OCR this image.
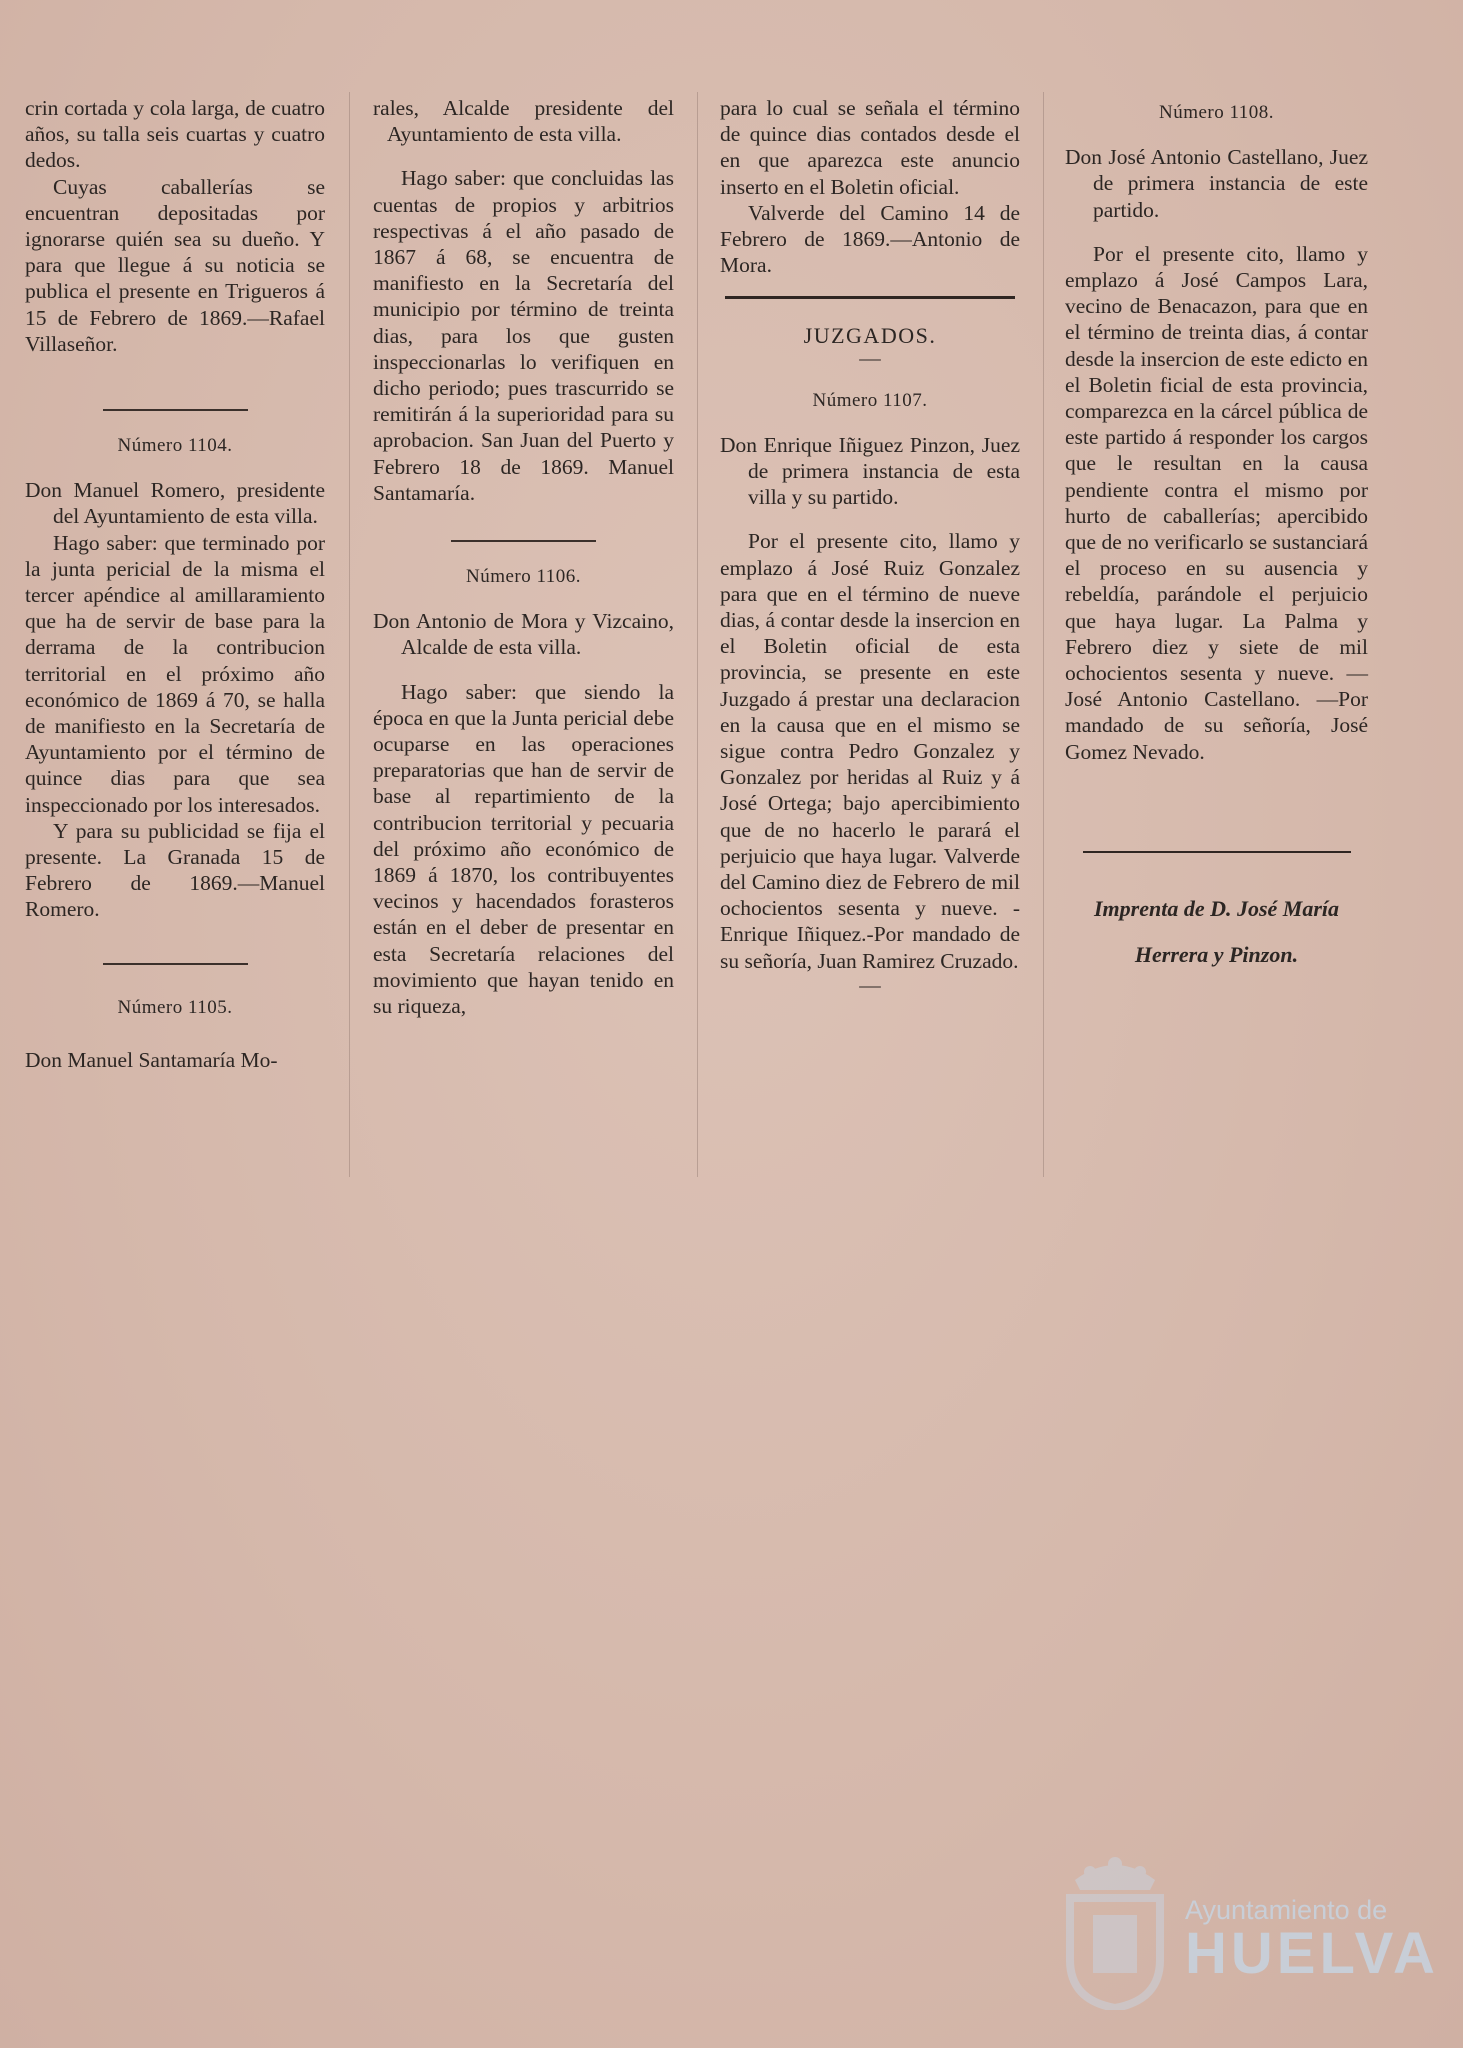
crin cortada y cola larga, de cuatro años, su talla seis cuartas y cuatro dedos.

Cuyas caballerías se encuentran depositadas por ignorarse quién sea su dueño. Y para que llegue á su noticia se publica el presente en Trigueros á 15 de Febrero de 1869.—Rafael Villaseñor.

Número 1104.

Don Manuel Romero, presidente del Ayuntamiento de esta villa.

Hago saber: que terminado por la junta pericial de la misma el tercer apéndice al amillaramiento que ha de servir de base para la derrama de la contribucion territorial en el próximo año económico de 1869 á 70, se halla de manifiesto en la Secretaría de Ayuntamiento por el término de quince dias para que sea inspeccionado por los interesados.

Y para su publicidad se fija el presente. La Granada 15 de Febrero de 1869.—Manuel Romero.

Número 1105.

Don Manuel Santamaría Mo-

rales, Alcalde presidente del Ayuntamiento de esta villa.

Hago saber: que concluidas las cuentas de propios y arbitrios respectivas á el año pasado de 1867 á 68, se encuentra de manifiesto en la Secretaría del municipio por término de treinta dias, para los que gusten inspeccionarlas lo verifiquen en dicho periodo; pues trascurrido se remitirán á la superioridad para su aprobacion. San Juan del Puerto y Febrero 18 de 1869. Manuel Santamaría.

Número 1106.

Don Antonio de Mora y Vizcaino, Alcalde de esta villa.

Hago saber: que siendo la época en que la Junta pericial debe ocuparse en las operaciones preparatorias que han de servir de base al repartimiento de la contribucion territorial y pecuaria del próximo año económico de 1869 á 1870, los contribuyentes vecinos y hacendados forasteros están en el deber de presentar en esta Secretaría relaciones del movimiento que hayan tenido en su riqueza,

para lo cual se señala el término de quince dias contados desde el en que aparezca este anuncio inserto en el Boletin oficial.

Valverde del Camino 14 de Febrero de 1869.—Antonio de Mora.

JUZGADOS.

—

Número 1107.

Don Enrique Iñiguez Pinzon, Juez de primera instancia de esta villa y su partido.

Por el presente cito, llamo y emplazo á José Ruiz Gonzalez para que en el término de nueve dias, á contar desde la insercion en el Boletin oficial de esta provincia, se presente en este Juzgado á prestar una declaracion en la causa que en el mismo se sigue contra Pedro Gonzalez y Gonzalez por heridas al Ruiz y á José Ortega; bajo apercibimiento que de no hacerlo le parará el perjuicio que haya lugar. Valverde del Camino diez de Febrero de mil ochocientos sesenta y nueve. -Enrique Iñiquez.-Por mandado de su señoría, Juan Ramirez Cruzado.

—

Número 1108.

Don José Antonio Castellano, Juez de primera instancia de este partido.

Por el presente cito, llamo y emplazo á José Campos Lara, vecino de Benacazon, para que en el término de treinta dias, á contar desde la insercion de este edicto en el Boletin ficial de esta provincia, comparezca en la cárcel pública de este partido á responder los cargos que le resultan en la causa pendiente contra el mismo por hurto de caballerías; apercibido que de no verificarlo se sustanciará el proceso en su ausencia y rebeldía, parándole el perjuicio que haya lugar. La Palma y Febrero diez y siete de mil ochocientos sesenta y nueve. —José Antonio Castellano. —Por mandado de su señoría, José Gomez Nevado.

Imprenta de D. José María

Herrera y Pinzon.

Ayuntamiento de
HUELVA
